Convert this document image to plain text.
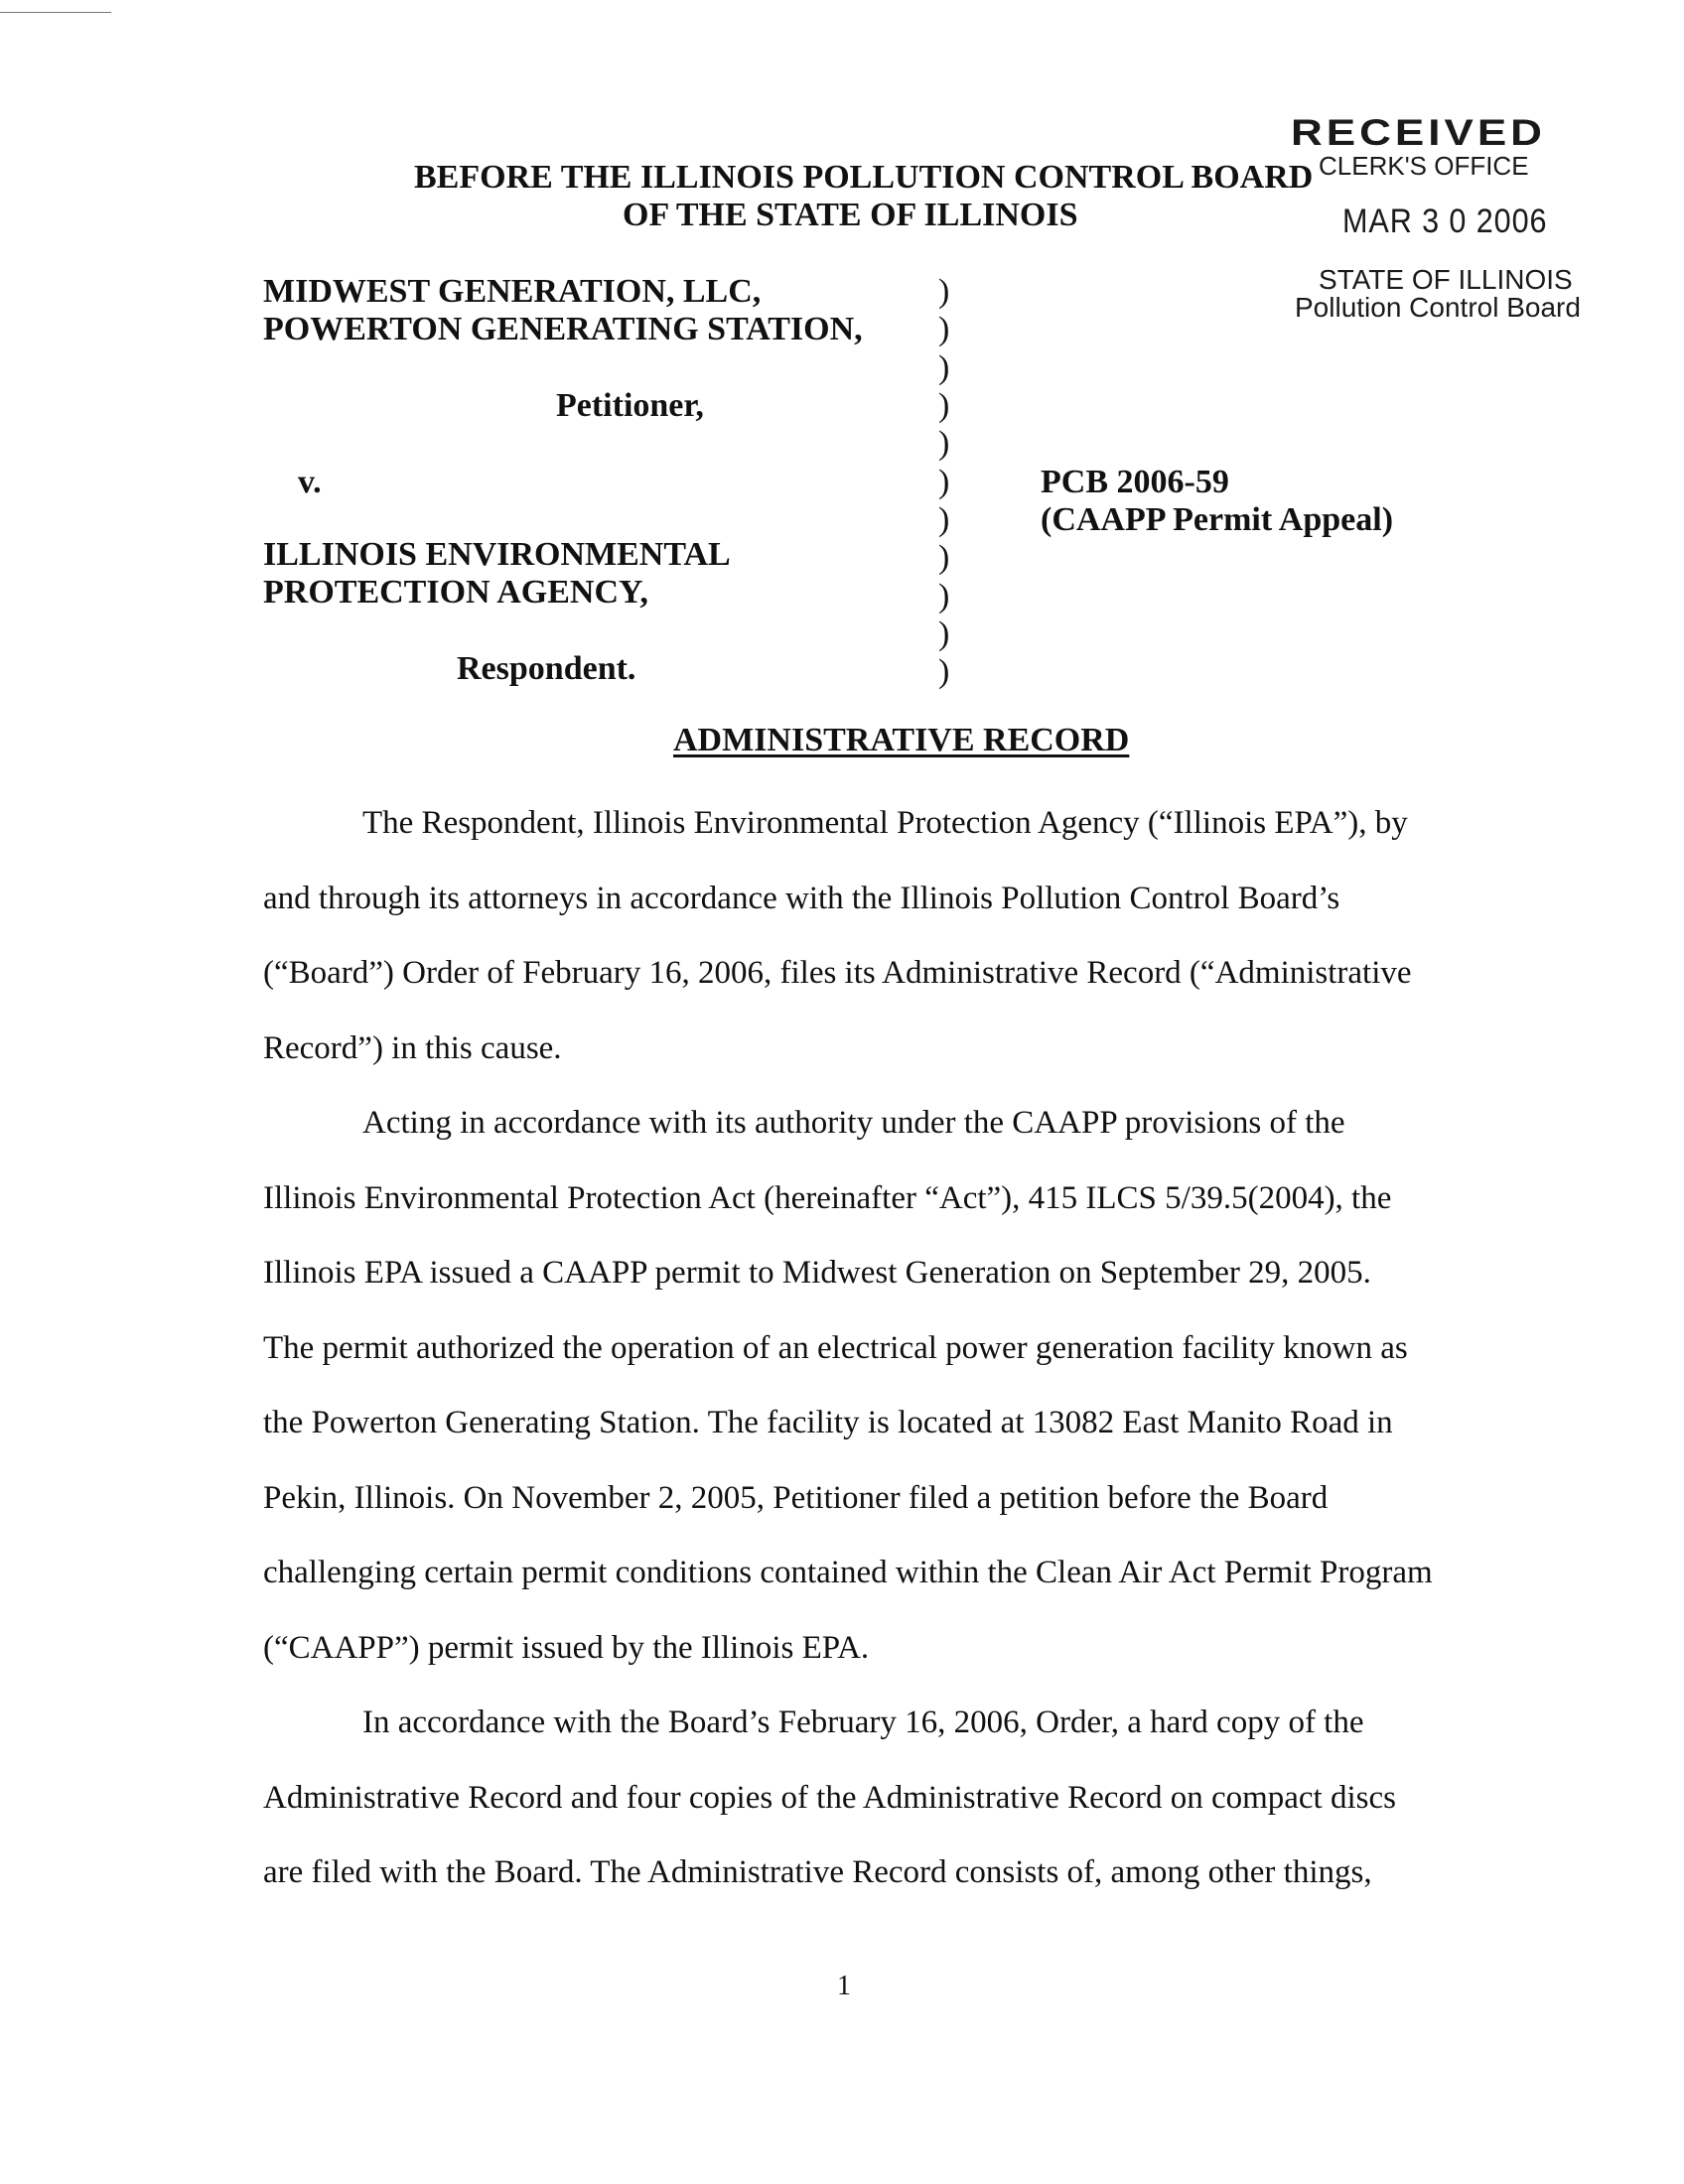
RECEIVED
CLERK'S OFFICE
MAR 3 0 2006
STATE OF ILLINOIS
Pollution Control Board
BEFORE THE ILLINOIS POLLUTION CONTROL BOARD
OF THE STATE OF ILLINOIS
MIDWEST GENERATION, LLC,
POWERTON GENERATING STATION,
Petitioner,
v.
ILLINOIS ENVIRONMENTAL
PROTECTION AGENCY,
Respondent.
)
)
)
)
)
)
)
)
)
)
)
PCB 2006-59
(CAAPP Permit Appeal)
ADMINISTRATIVE RECORD
The Respondent, Illinois Environmental Protection Agency (“Illinois EPA”), by
and through its attorneys in accordance with the Illinois Pollution Control Board’s
(“Board”) Order of February 16, 2006, files its Administrative Record (“Administrative
Record”) in this cause.
Acting in accordance with its authority under the CAAPP provisions of the
Illinois Environmental Protection Act (hereinafter “Act”), 415 ILCS 5/39.5(2004), the
Illinois EPA issued a CAAPP permit to Midwest Generation on September 29, 2005.
The permit authorized the operation of an electrical power generation facility known as
the Powerton Generating Station. The facility is located at 13082 East Manito Road in
Pekin, Illinois. On November 2, 2005, Petitioner filed a petition before the Board
challenging certain permit conditions contained within the Clean Air Act Permit Program
(“CAAPP”) permit issued by the Illinois EPA.
In accordance with the Board’s February 16, 2006, Order, a hard copy of the
Administrative Record and four copies of the Administrative Record on compact discs
are filed with the Board. The Administrative Record consists of, among other things,
1
